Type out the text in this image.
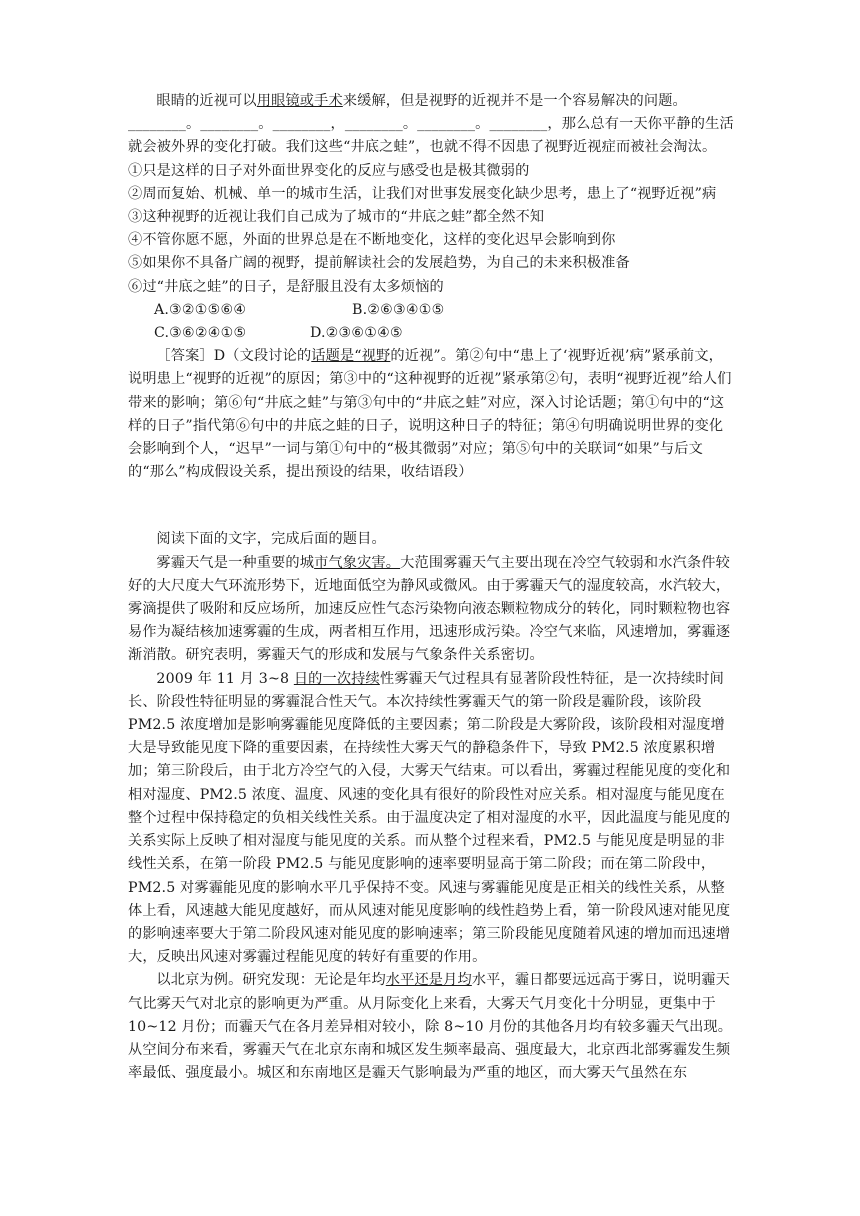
眼睛的近视可以用眼镜或手术来缓解，但是视野的近视并不是一个容易解决的问题。________。________。________，________。________。________，那么总有一天你平静的生活就会被外界的变化打破。我们这些“井底之蛙”，也就不得不因患了视野近视症而被社会淘汰。

①只是这样的日子对外面世界变化的反应与感受也是极其微弱的

②周而复始、机械、单一的城市生活，让我们对世事发展变化缺少思考，患上了“视野近视”病

③这种视野的近视让我们自己成为了城市的“井底之蛙”都全然不知

④不管你愿不愿，外面的世界总是在不断地变化，这样的变化迟早会影响到你

⑤如果你不具备广阔的视野，提前解读社会的发展趋势，为自己的未来积极准备

⑥过“井底之蛙”的日子，是舒服且没有太多烦恼的

A.③②①⑤⑥④	B.②⑥③④①⑤

C.③⑥②④①⑤	D.②③⑥①④⑤

［答案］D（文段讨论的话题是“视野的近视”。第②句中“患上了‘视野近视’病”紧承前文，说明患上“视野的近视”的原因；第③中的“这种视野的近视”紧承第②句，表明“视野近视”给人们带来的影响；第⑥句“井底之蛙”与第③句中的“井底之蛙”对应，深入讨论话题；第①句中的“这样的日子”指代第⑥句中的井底之蛙的日子，说明这种日子的特征；第④句明确说明世界的变化会影响到个人，“迟早”一词与第①句中的“极其微弱”对应；第⑤句中的关联词“如果”与后文的“那么”构成假设关系，提出预设的结果，收结语段）

阅读下面的文字，完成后面的题目。

雾霾天气是一种重要的城市气象灾害。大范围雾霾天气主要出现在冷空气较弱和水汽条件较好的大尺度大气环流形势下，近地面低空为静风或微风。由于雾霾天气的湿度较高，水汽较大，雾滴提供了吸附和反应场所，加速反应性气态污染物向液态颗粒物成分的转化，同时颗粒物也容易作为凝结核加速雾霾的生成，两者相互作用，迅速形成污染。冷空气来临，风速增加，雾霾逐渐消散。研究表明，雾霾天气的形成和发展与气象条件关系密切。

2009 年 11 月 3~8 日的一次持续性雾霾天气过程具有显著阶段性特征，是一次持续时间长、阶段性特征明显的雾霾混合性天气。本次持续性雾霾天气的第一阶段是霾阶段，该阶段 PM2.5 浓度增加是影响雾霾能见度降低的主要因素；第二阶段是大雾阶段，该阶段相对湿度增大是导致能见度下降的重要因素，在持续性大雾天气的静稳条件下，导致 PM2.5 浓度累积增加；第三阶段后，由于北方冷空气的入侵，大雾天气结束。可以看出，雾霾过程能见度的变化和相对湿度、PM2.5 浓度、温度、风速的变化具有很好的阶段性对应关系。相对湿度与能见度在整个过程中保持稳定的负相关线性关系。由于温度决定了相对湿度的水平，因此温度与能见度的关系实际上反映了相对湿度与能见度的关系。而从整个过程来看，PM2.5 与能见度是明显的非线性关系，在第一阶段 PM2.5 与能见度影响的速率要明显高于第二阶段；而在第二阶段中，PM2.5 对雾霾能见度的影响水平几乎保持不变。风速与雾霾能见度是正相关的线性关系，从整体上看，风速越大能见度越好，而从风速对能见度影响的线性趋势上看，第一阶段风速对能见度的影响速率要大于第二阶段风速对能见度的影响速率；第三阶段能见度随着风速的增加而迅速增大，反映出风速对雾霾过程能见度的转好有重要的作用。

以北京为例。研究发现：无论是年均水平还是月均水平，霾日都要远远高于雾日，说明霾天气比雾天气对北京的影响更为严重。从月际变化上来看，大雾天气月变化十分明显，更集中于 10~12 月份；而霾天气在各月差异相对较小，除 8~10 月份的其他各月均有较多霾天气出现。从空间分布来看，雾霾天气在北京东南和城区发生频率最高、强度最大，北京西北部雾霾发生频率最低、强度最小。城区和东南地区是霾天气影响最为严重的地区，而大雾天气虽然在东
